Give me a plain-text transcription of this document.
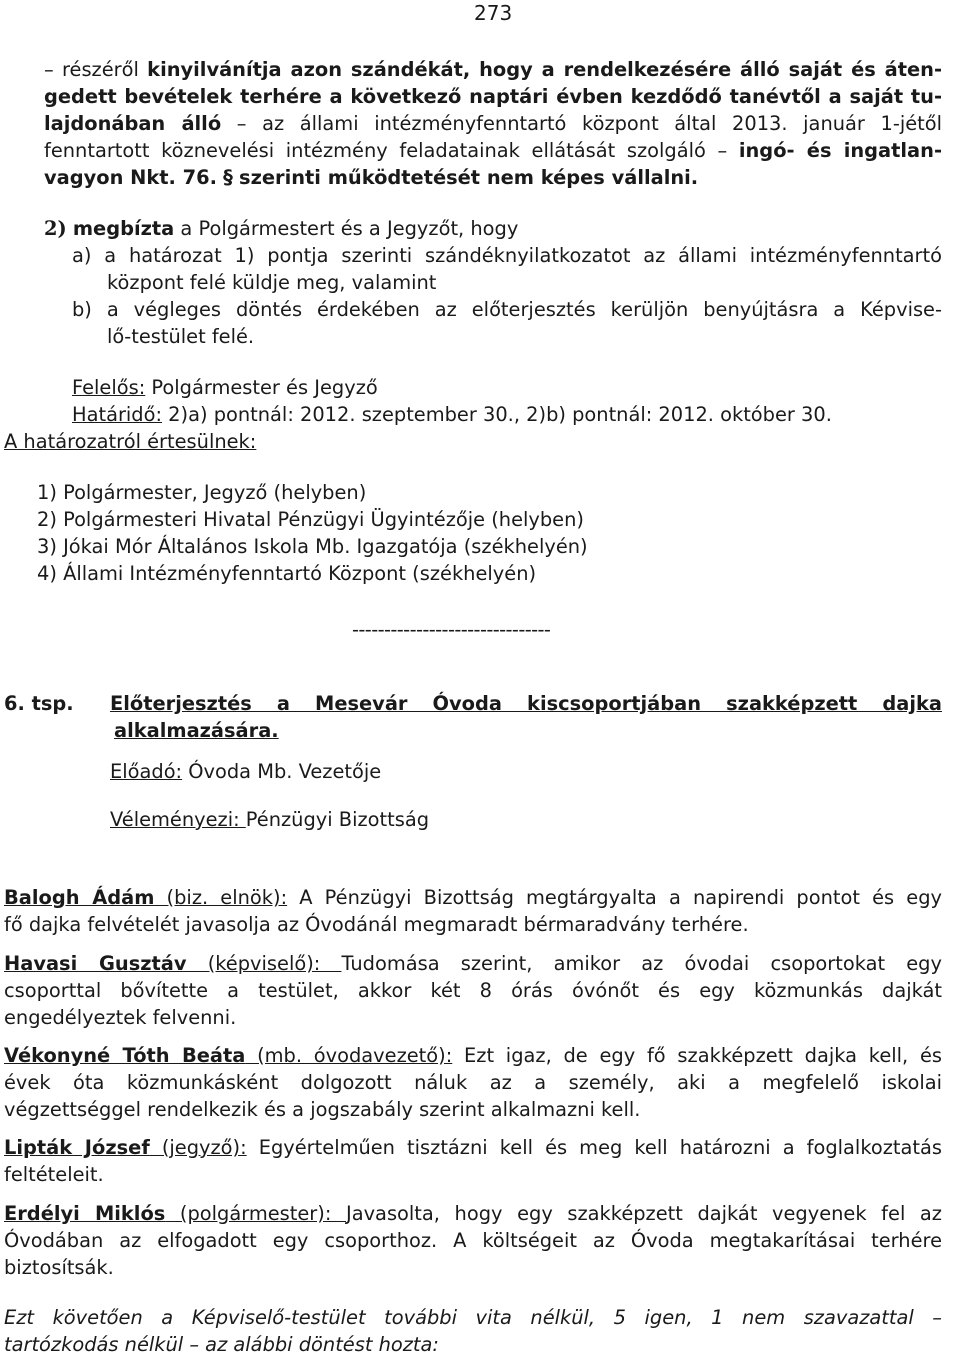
273
– részéről kinyilvánítja azon szándékát, hogy a rendelkezésére álló saját és áten-
gedett bevételek terhére a következő naptári évben kezdődő tanévtől a saját tu-
lajdonában álló – az állami intézményfenntartó központ által 2013. január 1-jétől
fenntartott köznevelési intézmény feladatainak ellátását szolgáló – ingó- és ingatlan-
vagyon Nkt. 76. § szerinti működtetését nem képes vállalni.
2) megbízta a Polgármestert és a Jegyzőt, hogy
a) a határozat 1) pontja szerinti szándéknyilatkozatot az állami intézményfenntartó
központ felé küldje meg, valamint
b) a végleges döntés érdekében az előterjesztés kerüljön benyújtásra a Képvise-
lő-testület felé.
Felelős: Polgármester és Jegyző
Határidő: 2)a) pontnál: 2012. szeptember 30., 2)b) pontnál: 2012. október 30.
A határozatról értesülnek:
1) Polgármester, Jegyző (helyben)
2) Polgármesteri Hivatal Pénzügyi Ügyintézője (helyben)
3) Jókai Mór Általános Iskola Mb. Igazgatója (székhelyén)
4) Állami Intézményfenntartó Központ (székhelyén)
-------------------------------
6. tsp. Előterjesztés a Mesevár Óvoda kiscsoportjában szakképzett dajka
alkalmazására.
Előadó: Óvoda Mb. Vezetője
Véleményezi: Pénzügyi Bizottság
Balogh Ádám (biz. elnök): A Pénzügyi Bizottság megtárgyalta a napirendi pontot és egy
fő dajka felvételét javasolja az Óvodánál megmaradt bérmaradvány terhére.
Havasi Gusztáv (képviselő): Tudomása szerint, amikor az óvodai csoportokat egy
csoporttal bővítette a testület, akkor két 8 órás óvónőt és egy közmunkás dajkát
engedélyeztek felvenni.
Vékonyné Tóth Beáta (mb. óvodavezető): Ezt igaz, de egy fő szakképzett dajka kell, és
évek óta közmunkásként dolgozott náluk az a személy, aki a megfelelő iskolai
végzettséggel rendelkezik és a jogszabály szerint alkalmazni kell.
Lipták József (jegyző): Egyértelműen tisztázni kell és meg kell határozni a foglalkoztatás
feltételeit.
Erdélyi Miklós (polgármester): Javasolta, hogy egy szakképzett dajkát vegyenek fel az
Óvodában az elfogadott egy csoporthoz. A költségeit az Óvoda megtakarításai terhére
biztosítsák.
Ezt követően a Képviselő-testület további vita nélkül, 5 igen, 1 nem szavazattal –
tartózkodás nélkül – az alábbi döntést hozta:
